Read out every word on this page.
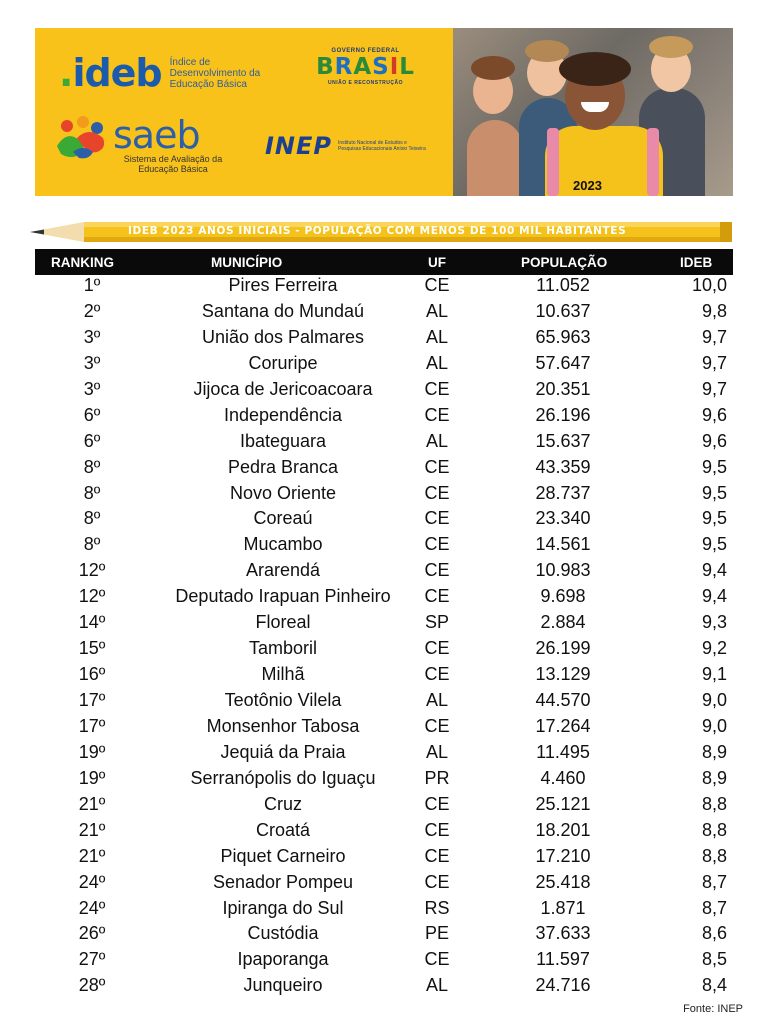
.ideb Índice de Desenvolvimento da Educação Básica
GOVERNO FEDERAL
BRASIL
UNIÃO E RECONSTRUÇÃO
saeb
Sistema de Avaliação da Educação Básica
INEP Instituto Nacional de Estudos e Pesquisas Educacionais Anísio Teixeira
2023
IDEB 2023 ANOS INICIAIS - POPULAÇÃO COM MENOS DE 100 MIL HABITANTES
RANKING	MUNICÍPIO	UF	POPULAÇÃO	IDEB
1º	Pires Ferreira	CE	11.052	10,0
2º	Santana do Mundaú	AL	10.637	9,8
3º	União dos Palmares	AL	65.963	9,7
3º	Coruripe	AL	57.647	9,7
3º	Jijoca de Jericoacoara	CE	20.351	9,7
6º	Independência	CE	26.196	9,6
6º	Ibateguara	AL	15.637	9,6
8º	Pedra Branca	CE	43.359	9,5
8º	Novo Oriente	CE	28.737	9,5
8º	Coreaú	CE	23.340	9,5
8º	Mucambo	CE	14.561	9,5
12º	Ararendá	CE	10.983	9,4
12º	Deputado Irapuan Pinheiro	CE	9.698	9,4
14º	Floreal	SP	2.884	9,3
15º	Tamboril	CE	26.199	9,2
16º	Milhã	CE	13.129	9,1
17º	Teotônio Vilela	AL	44.570	9,0
17º	Monsenhor Tabosa	CE	17.264	9,0
19º	Jequiá da Praia	AL	11.495	8,9
19º	Serranópolis do Iguaçu	PR	4.460	8,9
21º	Cruz	CE	25.121	8,8
21º	Croatá	CE	18.201	8,8
21º	Piquet Carneiro	CE	17.210	8,8
24º	Senador Pompeu	CE	25.418	8,7
24º	Ipiranga do Sul	RS	1.871	8,7
26º	Custódia	PE	37.633	8,6
27º	Ipaporanga	CE	11.597	8,5
28º	Junqueiro	AL	24.716	8,4
Fonte: INEP
